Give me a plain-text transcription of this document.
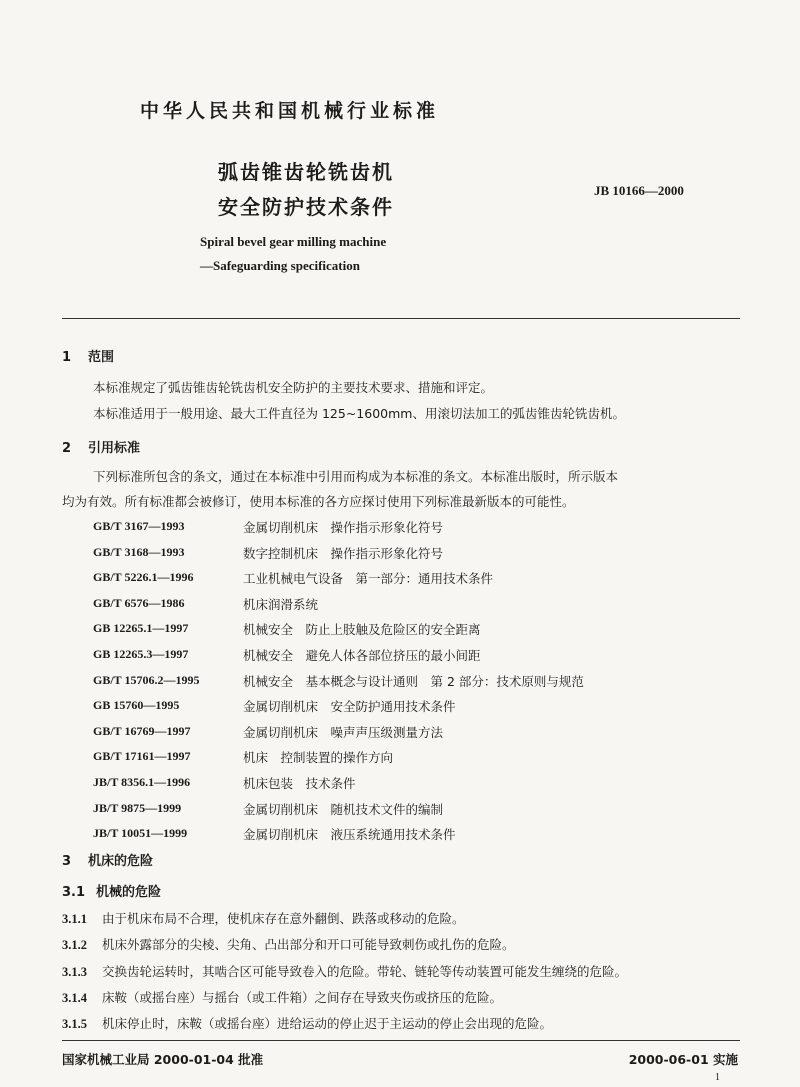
中华人民共和国机械行业标准
弧齿锥齿轮铣齿机
安全防护技术条件
JB 10166—2000
Spiral bevel gear milling machine
—Safeguarding specification
1 范围
本标准规定了弧齿锥齿轮铣齿机安全防护的主要技术要求、措施和评定。
本标准适用于一般用途、最大工件直径为 125~1600mm、用滚切法加工的弧齿锥齿轮铣齿机。
2 引用标准
下列标准所包含的条文，通过在本标准中引用而构成为本标准的条文。本标准出版时，所示版本
均为有效。所有标准都会被修订，使用本标准的各方应探讨使用下列标准最新版本的可能性。
GB/T 3167—1993	金属切削机床　操作指示形象化符号
GB/T 3168—1993	数字控制机床　操作指示形象化符号
GB/T 5226.1—1996	工业机械电气设备　第一部分：通用技术条件
GB/T 6576—1986	机床润滑系统
GB 12265.1—1997	机械安全　防止上肢触及危险区的安全距离
GB 12265.3—1997	机械安全　避免人体各部位挤压的最小间距
GB/T 15706.2—1995	机械安全　基本概念与设计通则　第 2 部分：技术原则与规范
GB 15760—1995	金属切削机床　安全防护通用技术条件
GB/T 16769—1997	金属切削机床　噪声声压级测量方法
GB/T 17161—1997	机床　控制装置的操作方向
JB/T 8356.1—1996	机床包装　技术条件
JB/T 9875—1999	金属切削机床　随机技术文件的编制
JB/T 10051—1999	金属切削机床　液压系统通用技术条件
3 机床的危险
3.1 机械的危险
3.1.1 由于机床布局不合理，使机床存在意外翻倒、跌落或移动的危险。
3.1.2 机床外露部分的尖棱、尖角、凸出部分和开口可能导致刺伤或扎伤的危险。
3.1.3 交换齿轮运转时，其啮合区可能导致卷入的危险。带轮、链轮等传动装置可能发生缠绕的危险。
3.1.4 床鞍（或摇台座）与摇台（或工件箱）之间存在导致夹伤或挤压的危险。
3.1.5 机床停止时，床鞍（或摇台座）进给运动的停止迟于主运动的停止会出现的危险。
国家机械工业局 2000-01-04 批准	2000-06-01 实施
1
